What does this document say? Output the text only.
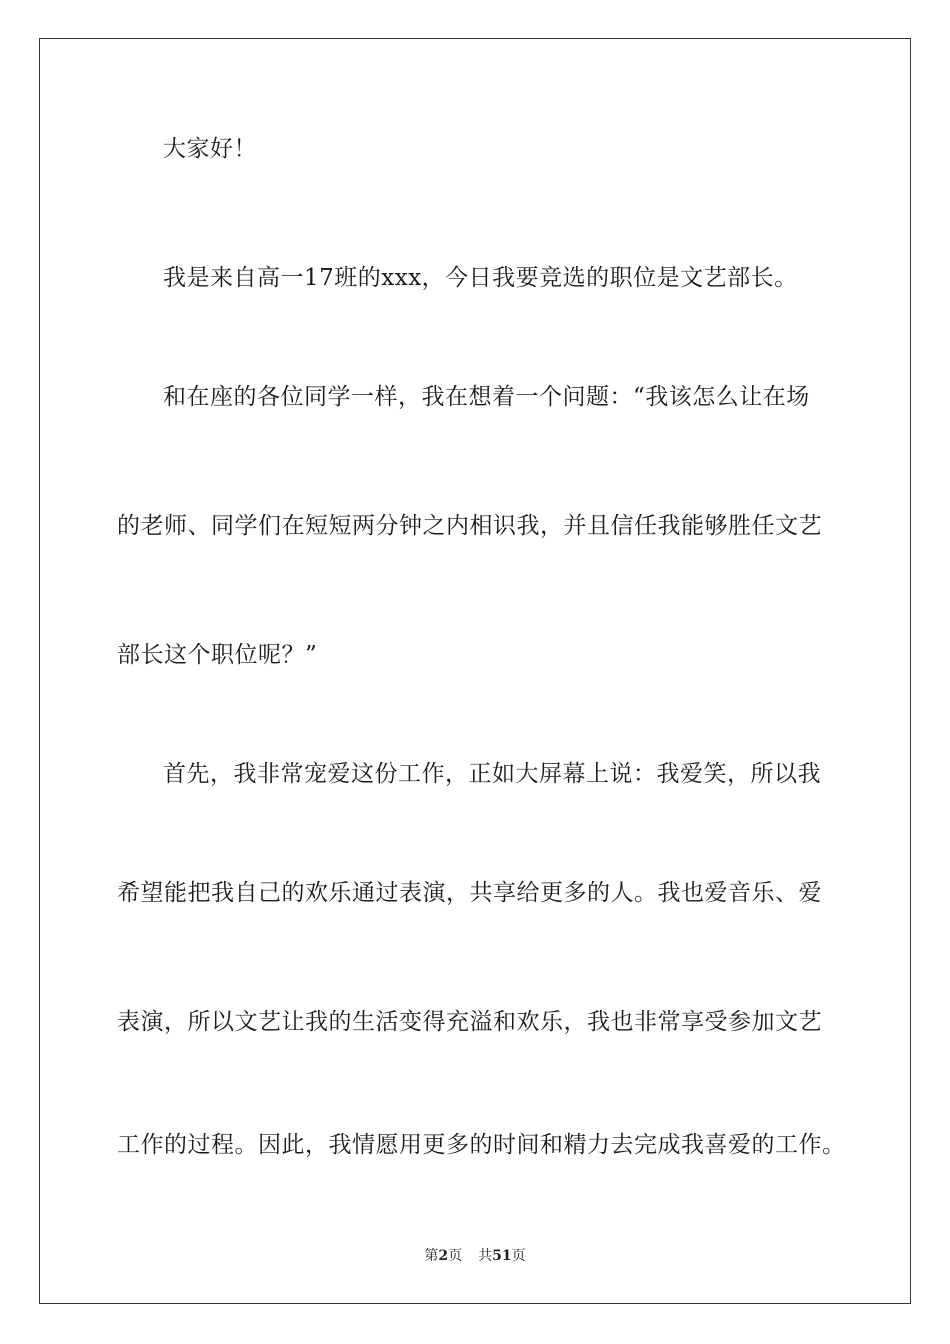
大家好！
我是来自高一17班的xxx，今日我要竞选的职位是文艺部长。
和在座的各位同学一样，我在想着一个问题：“我该怎么让在场
的老师、同学们在短短两分钟之内相识我，并且信任我能够胜任文艺
部长这个职位呢？”
首先，我非常宠爱这份工作，正如大屏幕上说：我爱笑，所以我
希望能把我自己的欢乐通过表演，共享给更多的人。我也爱音乐、爱
表演，所以文艺让我的生活变得充溢和欢乐，我也非常享受参加文艺
工作的过程。因此，我情愿用更多的时间和精力去完成我喜爱的工作。
第2页 共51页
